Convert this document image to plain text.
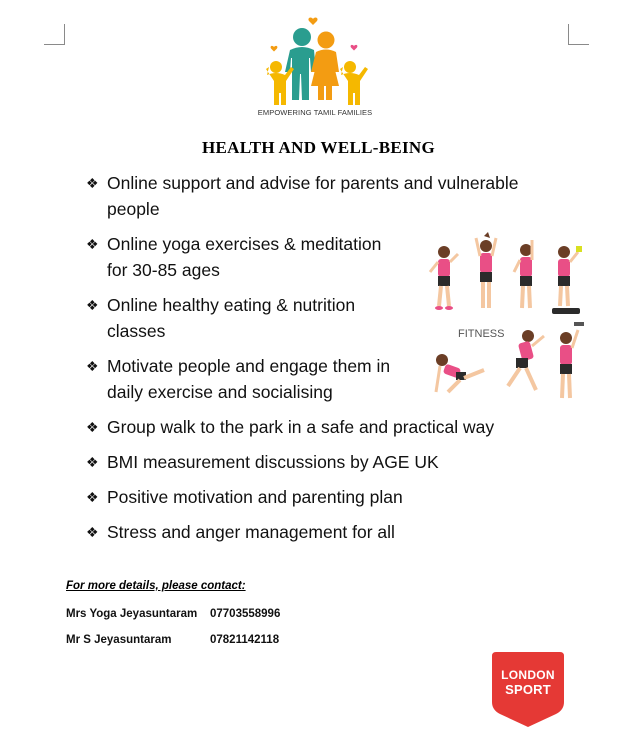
EMPOWERING TAMIL FAMILIES
HEALTH AND WELL-BEING
❖ Online support and advise for parents and vulnerable
people
❖ Online yoga exercises & meditation
for 30-85 ages
❖ Online healthy eating & nutrition
classes
❖ Motivate people and engage them in
daily exercise and socialising
❖ Group walk to the park in a safe and practical way
❖ BMI measurement discussions by AGE UK
❖ Positive motivation and parenting plan
❖ Stress and anger management for all
FITNESS
For more details, please contact:
Mrs Yoga Jeyasuntaram 07703558996
Mr S Jeyasuntaram	07821142118
LONDON
SPORT
